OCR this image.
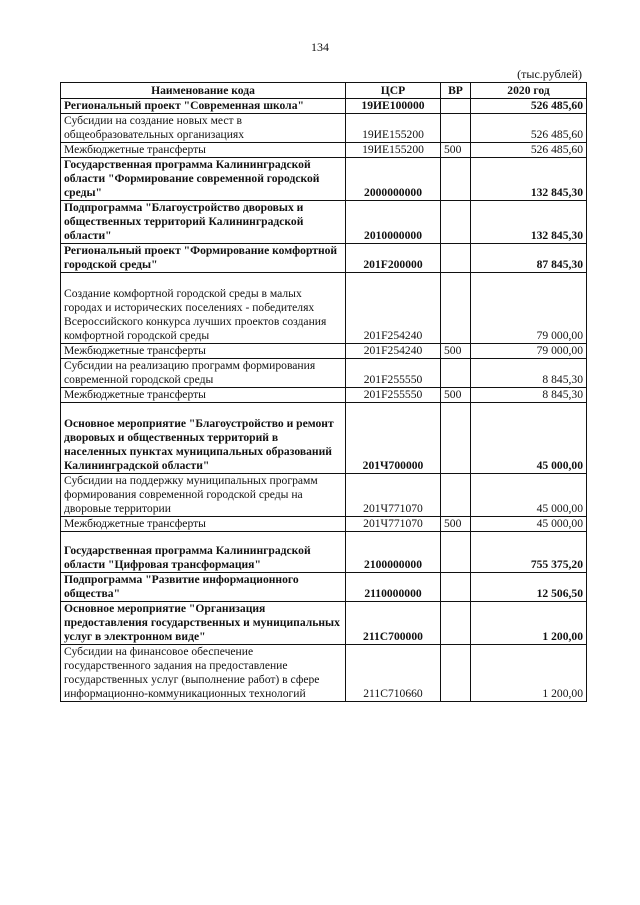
134
(тыс.рублей)
Наименование кода	ЦСР	ВР	2020 год
Региональный проект "Современная школа"	19ИЕ100000		526 485,60
Субсидии на создание новых мест в общеобразовательных организациях	19ИЕ155200		526 485,60
Межбюджетные трансферты	19ИЕ155200	500	526 485,60
Государственная программа Калининградской области "Формирование современной городской среды"	2000000000		132 845,30
Подпрограмма "Благоустройство дворовых и общественных территорий Калининградской области"	2010000000		132 845,30
Региональный проект "Формирование комфортной городской среды"	201F200000		87 845,30
Создание комфортной городской среды в малых городах и исторических поселениях - победителях Всероссийского конкурса лучших проектов создания комфортной городской среды	201F254240		79 000,00
Межбюджетные трансферты	201F254240	500	79 000,00
Субсидии на реализацию программ формирования современной городской среды	201F255550		8 845,30
Межбюджетные трансферты	201F255550	500	8 845,30
Основное мероприятие "Благоустройство и ремонт дворовых и общественных территорий в населенных пунктах муниципальных образований Калининградской области"	201Ч700000		45 000,00
Субсидии на поддержку муниципальных программ формирования современной городской среды на дворовые территории	201Ч771070		45 000,00
Межбюджетные трансферты	201Ч771070	500	45 000,00
Государственная программа Калининградской области "Цифровая трансформация"	2100000000		755 375,20
Подпрограмма "Развитие информационного общества"	2110000000		12 506,50
Основное мероприятие "Организация предоставления государственных и муниципальных услуг в электронном виде"	211С700000		1 200,00
Субсидии на финансовое обеспечение государственного задания на предоставление государственных услуг (выполнение работ) в сфере информационно-коммуникационных технологий	211С710660		1 200,00
